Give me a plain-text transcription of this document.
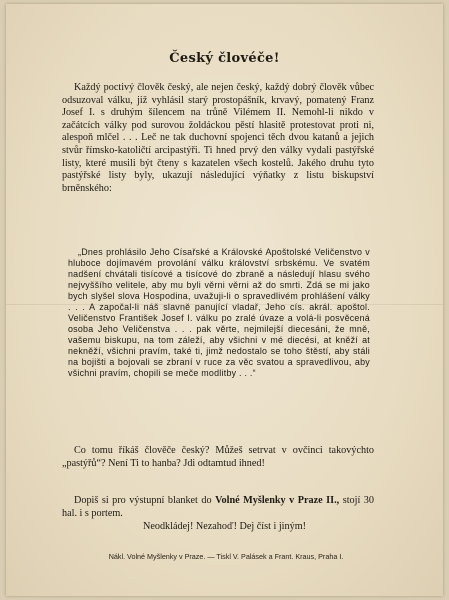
Český človéče!

Každý poctivý člověk český, ale nejen český, každý dobrý člověk vůbec odsuzoval válku, již vyhlásil starý prostopášník, krvavý, pomatený Franz Josef I. s druhým šílencem na trůně Vilémem II. Nemohl-li nikdo v začátcích války pod surovou žoldáckou pěstí hlasitě protestovat proti ni, alespoň mlčel . . . Leč ne tak duchovní spojenci těch dvou katanů a jejich stvůr římsko-katoličtí arcipastýři. Ti hned prvý den války vydali pastýřské listy, které musili být čteny s kazatelen všech kostelů. Jakého druhu tyto pastýřské listy byly, ukazují následující výňatky z listu biskupství brněnského:

„Dnes prohlásilo Jeho Císařské a Královské Apoštolské Veličenstvo v hluboce dojímavém provolání válku království srbskému. Ve svatém nadšení chvátali tisícové a tisícové do zbraně a následují hlasu svého nejvyššího velitele, aby mu byli věrni věrni až do smrti. Zdá se mi jako bych slyšel slova Hospodina, uvažuji-li o spravedlivém prohlášení války . . . A započal-li náš slavně panující vladař, Jeho cís. akrál. apoštol. Veličenstvo František Josef I. válku po zralé úvaze a volá-li posvěcená osoba Jeho Veličenstva . . . pak věrte, nejmilejší diecesáni, že mně, vašemu biskupu, na tom záleží, aby všichni v mé diecési, at kněží at nekněží, všichni pravím, také ti, jimž nedostalo se toho štěstí, aby stáli na bojišti a bojovali se zbraní v ruce za věc svatou a spravedlivou, aby všichni pravím, chopili se meče modlitby . . .“

Co tomu říkáš člověče český? Můžeš setrvat v ovčinci takovýchto „pastýřů“? Není Ti to hanba? Jdi odtamtud ihned!

Dopiš si pro výstupní blanket do Volné Myšlenky v Praze II., stojí 30 hal. i s portem.

Neodkládej! Nezahoď! Dej číst i jiným!
Nákl. Volné Myšlenky v Praze. — Tiskl V. Palásek a Frant. Kraus, Praha I.
